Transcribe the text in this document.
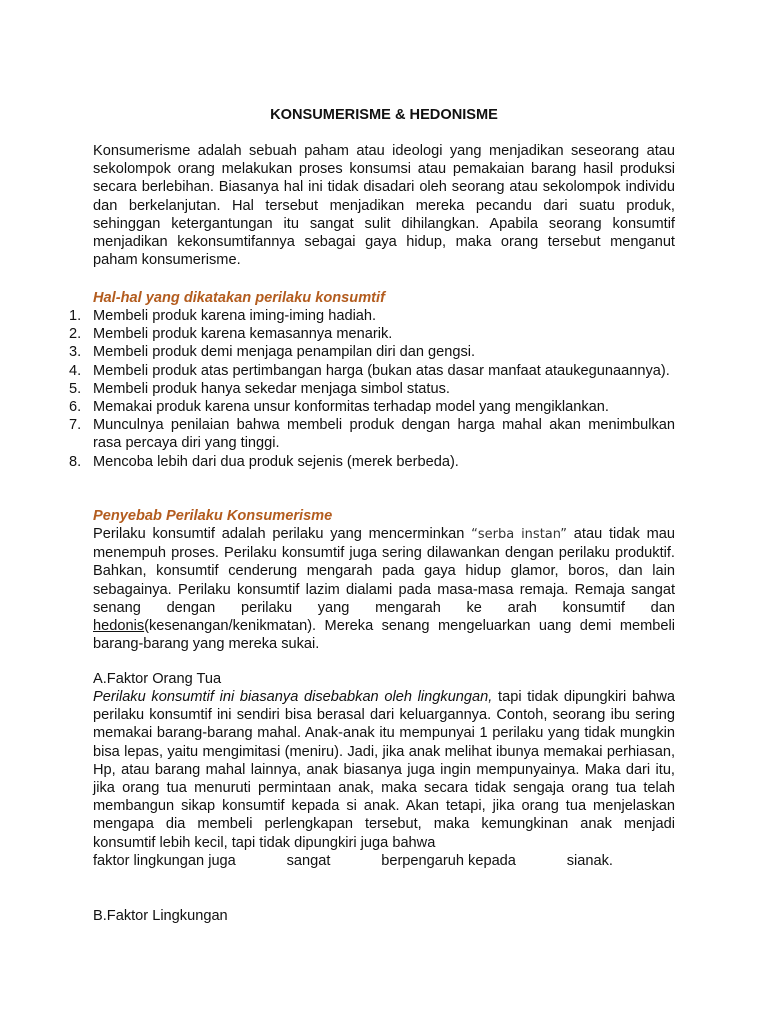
KONSUMERISME & HEDONISME

Konsumerisme adalah sebuah paham atau ideologi yang menjadikan seseorang atau sekolompok orang melakukan proses konsumsi atau pemakaian barang hasil produksi secara berlebihan. Biasanya hal ini tidak disadari oleh seorang atau sekolompok individu dan berkelanjutan. Hal tersebut menjadikan mereka pecandu dari suatu produk, sehinggan ketergantungan itu sangat sulit dihilangkan. Apabila seorang konsumtif menjadikan kekonsumtifannya sebagai gaya hidup, maka orang tersebut menganut paham konsumerisme.

Hal-hal yang dikatakan perilaku konsumtif
1. Membeli produk karena iming-iming hadiah.
2. Membeli produk karena kemasannya menarik.
3. Membeli produk demi menjaga penampilan diri dan gengsi.
4. Membeli produk atas pertimbangan harga (bukan atas dasar manfaat ataukegunaannya).
5. Membeli produk hanya sekedar menjaga simbol status.
6. Memakai produk karena unsur konformitas terhadap model yang mengiklankan.
7. Munculnya penilaian bahwa membeli produk dengan harga mahal akan menimbulkan rasa percaya diri yang tinggi.
8. Mencoba lebih dari dua produk sejenis (merek berbeda).
Penyebab Perilaku Konsumerisme

Perilaku konsumtif adalah perilaku yang mencerminkan “serba instan” atau tidak mau menempuh proses. Perilaku konsumtif juga sering dilawankan dengan perilaku produktif. Bahkan, konsumtif cenderung mengarah pada gaya hidup glamor, boros, dan lain sebagainya. Perilaku konsumtif lazim dialami pada masa-masa remaja. Remaja sangat senang dengan perilaku yang mengarah ke arah konsumtif dan hedonis(kesenangan/kenikmatan). Mereka senang mengeluarkan uang demi membeli barang-barang yang mereka sukai.

A.Faktor Orang Tua

Perilaku konsumtif ini biasanya disebabkan oleh lingkungan, tapi tidak dipungkiri bahwa perilaku konsumtif ini sendiri bisa berasal dari keluargannya. Contoh, seorang ibu sering memakai barang-barang mahal. Anak-anak itu mempunyai 1 perilaku yang tidak mungkin bisa lepas, yaitu mengimitasi (meniru). Jadi, jika anak melihat ibunya memakai perhiasan, Hp, atau barang mahal lainnya, anak biasanya juga ingin mempunyainya. Maka dari itu, jika orang tua menuruti permintaan anak, maka secara tidak sengaja orang tua telah membangun sikap konsumtif kepada si anak. Akan tetapi, jika orang tua menjelaskan mengapa dia membeli perlengkapan tersebut, maka kemungkinan anak menjadi konsumtif lebih kecil, tapi tidak dipungkiri juga bahwa

faktor lingkungan juga	sangat	berpengaruh kepada	sianak.
B.Faktor Lingkungan
